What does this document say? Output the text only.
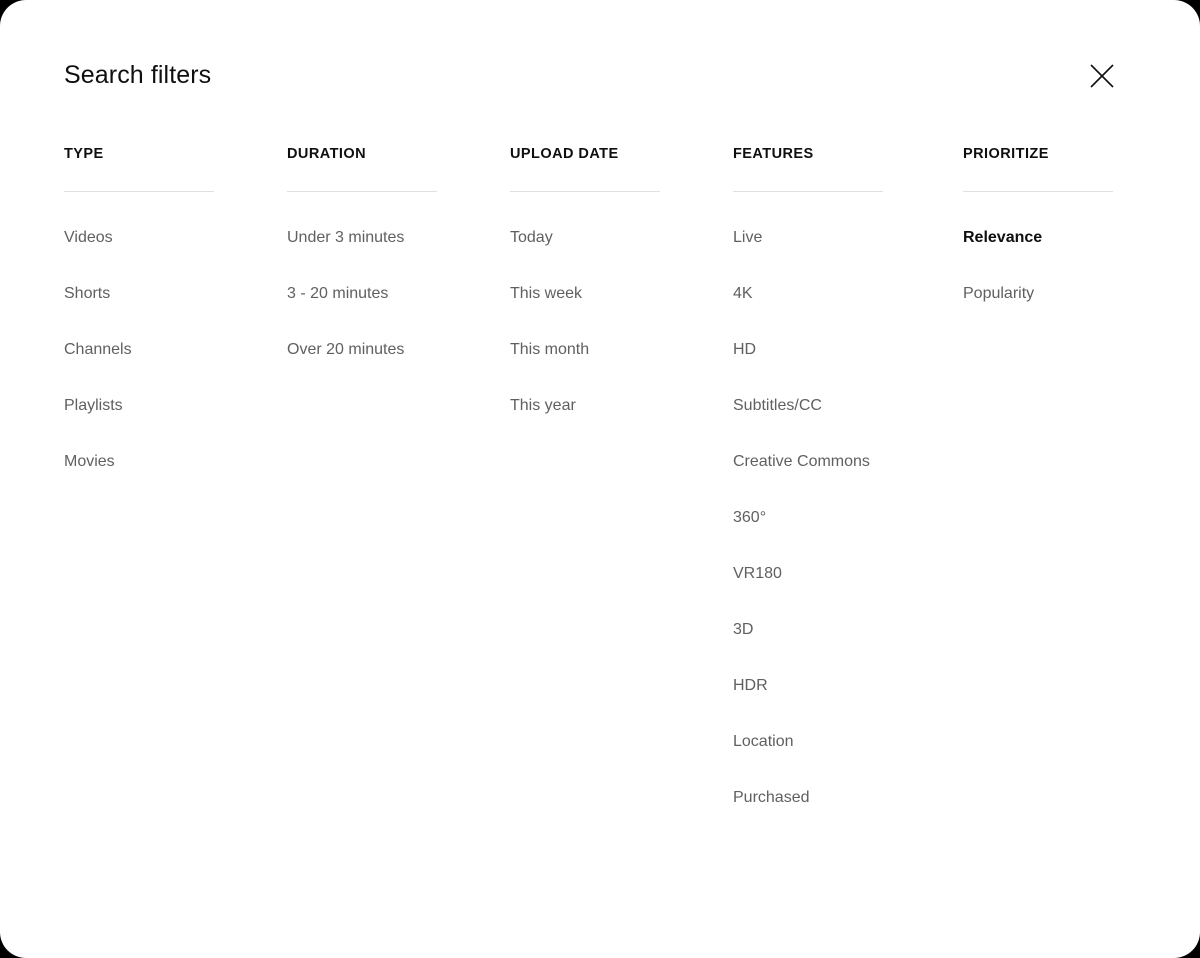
Search filters
TYPE
Videos
Shorts
Channels
Playlists
Movies
DURATION
Under 3 minutes
3 - 20 minutes
Over 20 minutes
UPLOAD DATE
Today
This week
This month
This year
FEATURES
Live
4K
HD
Subtitles/CC
Creative Commons
360°
VR180
3D
HDR
Location
Purchased
PRIORITIZE
Relevance
Popularity
